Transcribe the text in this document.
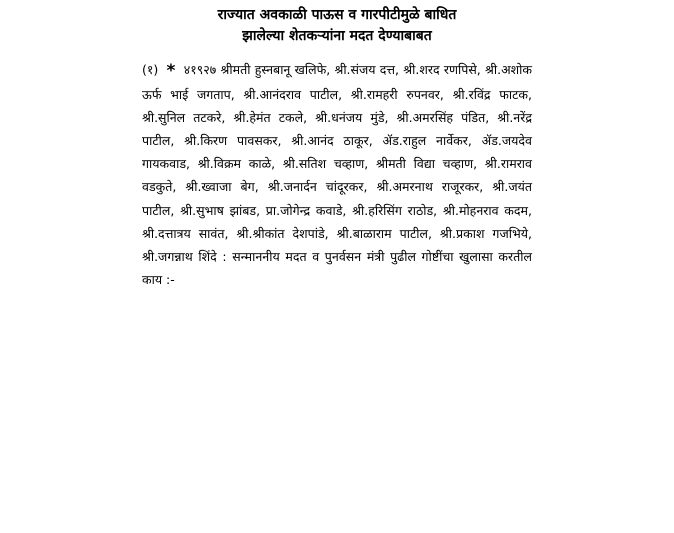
राज्यात अवकाळी पाऊस व गारपीटीमुळे बाधित
झालेल्या शेतकऱ्यांना मदत देण्याबाबत
(१) * ४१९२७ श्रीमती हुस्नबानू खलिफे, श्री.संजय दत्त, श्री.शरद रणपिसे, श्री.अशोक ऊर्फ भाई जगताप, श्री.आनंदराव पाटील, श्री.रामहरी रुपनवर, श्री.रविंद्र फाटक, श्री.सुनिल तटकरे, श्री.हेमंत टकले, श्री.धनंजय मुंडे, श्री.अमरसिंह पंडित, श्री.नरेंद्र पाटील, श्री.किरण पावसकर, श्री.आनंद ठाकूर, ॲड.राहुल नार्वेकर, ॲड.जयदेव गायकवाड, श्री.विक्रम काळे, श्री.सतिश चव्हाण, श्रीमती विद्या चव्हाण, श्री.रामराव वडकुते, श्री.ख्वाजा बेग, श्री.जनार्दन चांदूरकर, श्री.अमरनाथ राजूरकर, श्री.जयंत पाटील, श्री.सुभाष झांबड, प्रा.जोगेन्द्र कवाडे, श्री.हरिसिंग राठोड, श्री.मोहनराव कदम, श्री.दत्तात्रय सावंत, श्री.श्रीकांत देशपांडे, श्री.बाळाराम पाटील, श्री.प्रकाश गजभिये, श्री.जगन्नाथ शिंदे : सन्माननीय मदत व पुनर्वसन मंत्री पुढील गोष्टींचा खुलासा करतील काय :-
